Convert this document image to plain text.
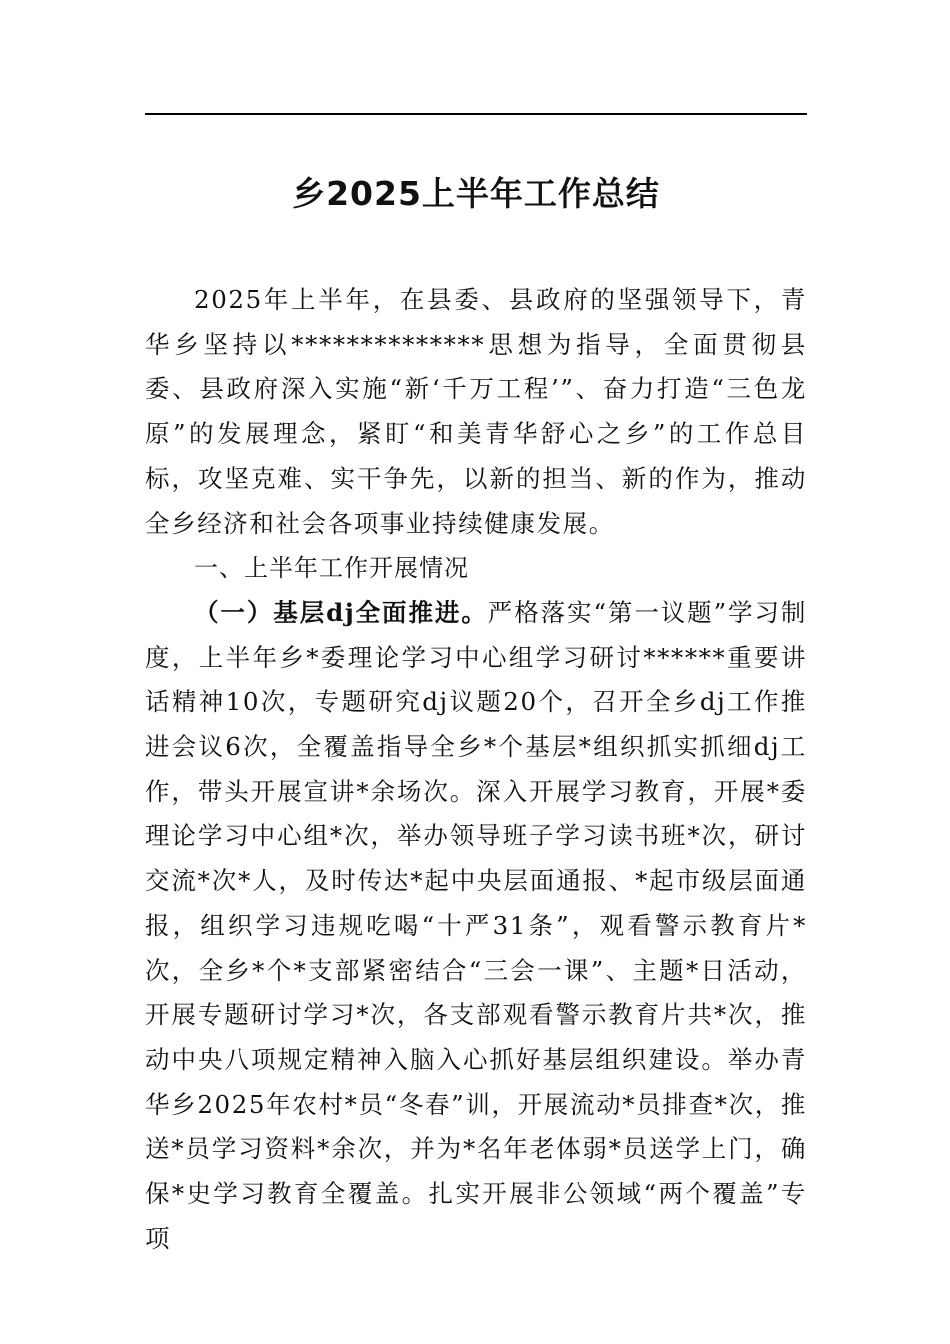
乡2025上半年工作总结

2025年上半年，在县委、县政府的坚强领导下，青华乡坚持以**************思想为指导，全面贯彻县委、县政府深入实施“新‘千万工程’”、奋力打造“三色龙原”的发展理念，紧盯“和美青华舒心之乡”的工作总目标，攻坚克难、实干争先，以新的担当、新的作为，推动全乡经济和社会各项事业持续健康发展。

一、上半年工作开展情况

（一）基层dj全面推进。严格落实“第一议题”学习制度，上半年乡*委理论学习中心组学习研讨******重要讲话精神10次，专题研究dj议题20个，召开全乡dj工作推进会议6次，全覆盖指导全乡*个基层*组织抓实抓细dj工作，带头开展宣讲*余场次。深入开展学习教育，开展*委理论学习中心组*次，举办领导班子学习读书班*次，研讨交流*次*人，及时传达*起中央层面通报、*起市级层面通报，组织学习违规吃喝“十严31条”，观看警示教育片*次，全乡*个*支部紧密结合“三会一课”、主题*日活动，开展专题研讨学习*次，各支部观看警示教育片共*次，推动中央八项规定精神入脑入心抓好基层组织建设。举办青华乡2025年农村*员“冬春”训，开展流动*员排查*次，推送*员学习资料*余次，并为*名年老体弱*员送学上门，确保*史学习教育全覆盖。扎实开展非公领域“两个覆盖”专项
